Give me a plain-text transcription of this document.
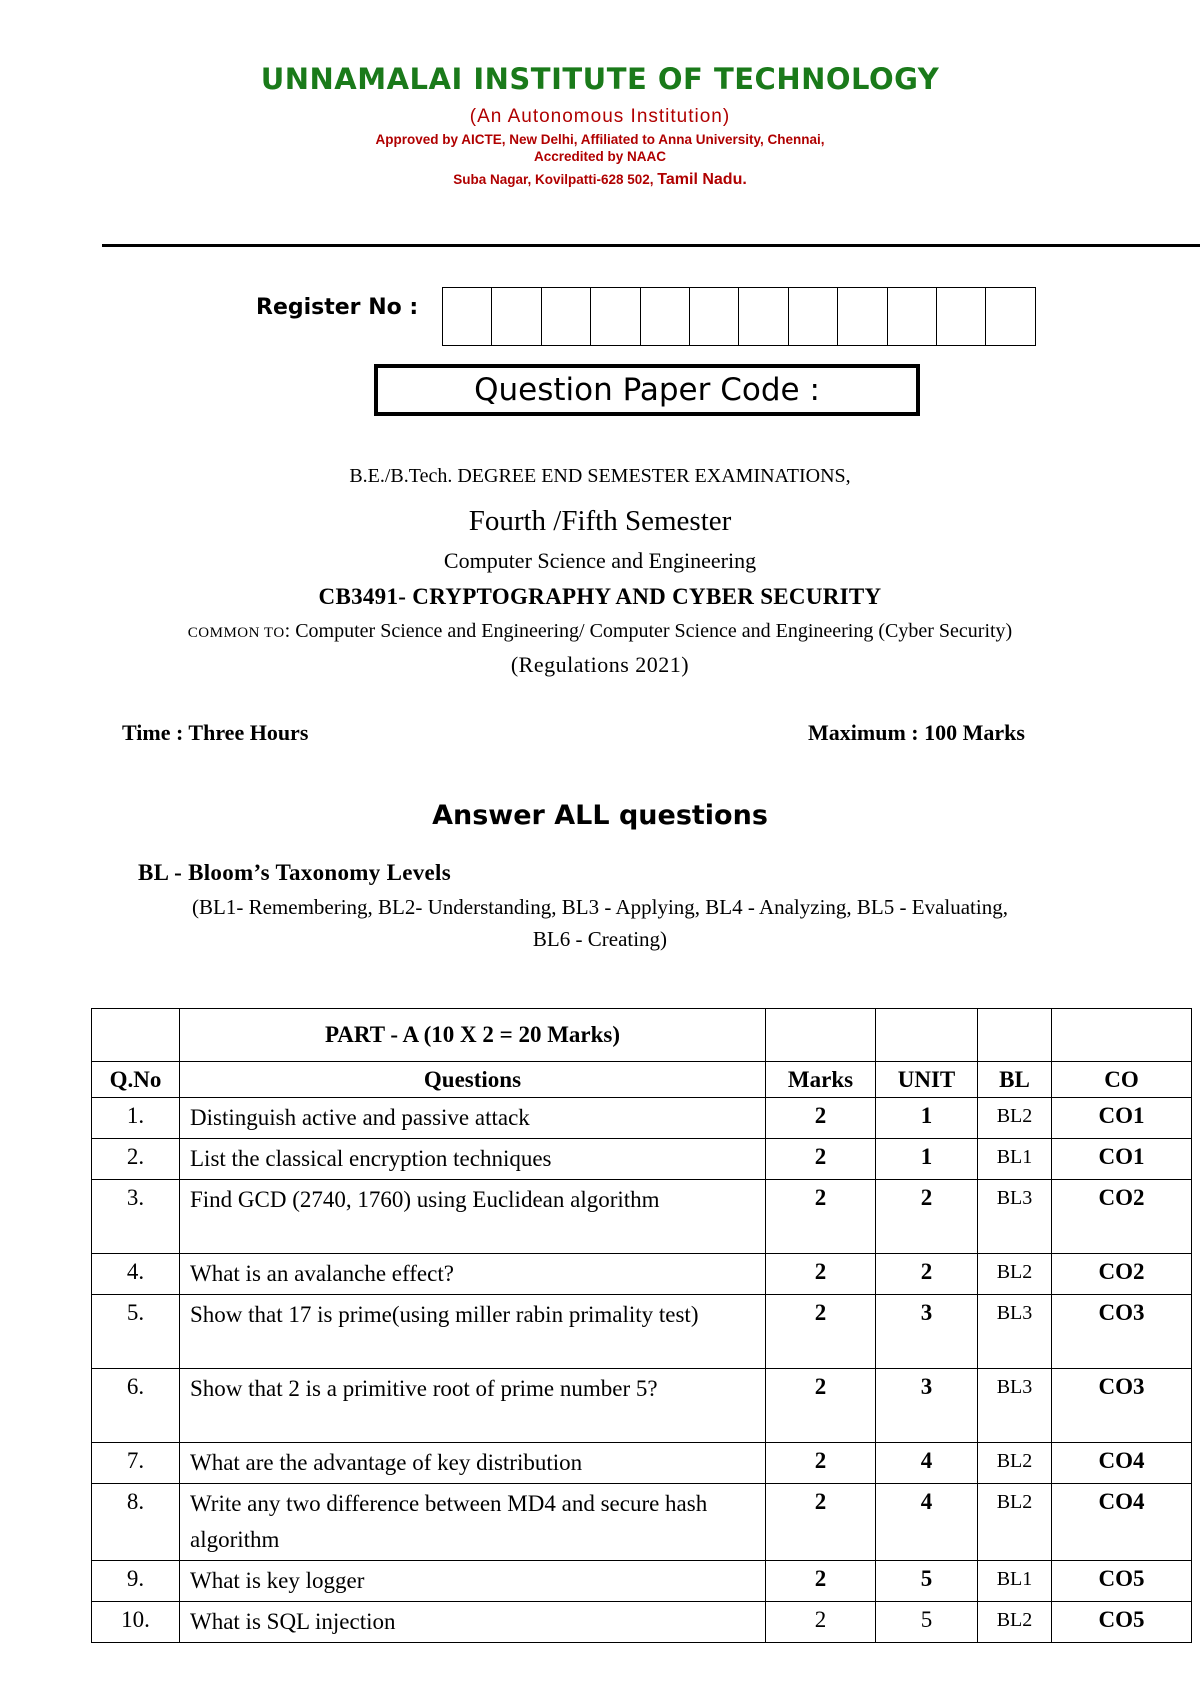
UNNAMALAI INSTITUTE OF TECHNOLOGY
(An Autonomous Institution)
Approved by AICTE, New Delhi, Affiliated to Anna University, Chennai,
Accredited by NAAC
Suba Nagar, Kovilpatti-628 502, Tamil Nadu.
Register No :
Question Paper Code :
B.E./B.Tech. DEGREE END SEMESTER EXAMINATIONS,
Fourth /Fifth Semester
Computer Science and Engineering
CB3491- CRYPTOGRAPHY AND CYBER SECURITY
COMMON TO: Computer Science and Engineering/ Computer Science and Engineering (Cyber Security)
(Regulations 2021)
Time : Three Hours	Maximum : 100 Marks
Answer ALL questions
BL - Bloom’s Taxonomy Levels
(BL1- Remembering, BL2- Understanding, BL3 - Applying, BL4 - Analyzing, BL5 - Evaluating,
BL6 - Creating)
	PART - A (10 X 2 = 20 Marks)				
Q.No	Questions	Marks	UNIT	BL	CO
1.	Distinguish active and passive attack	2	1	BL2	CO1
2.	List the classical encryption techniques	2	1	BL1	CO1
3.	Find GCD (2740, 1760) using Euclidean algorithm	2	2	BL3	CO2
4.	What is an avalanche effect?	2	2	BL2	CO2
5.	Show that 17 is prime(using miller rabin primality test)	2	3	BL3	CO3
6.	Show that 2 is a primitive root of prime number 5?	2	3	BL3	CO3
7.	What are the advantage of key distribution	2	4	BL2	CO4
8.	Write any two difference between MD4 and secure hash algorithm	2	4	BL2	CO4
9.	What is key logger	2	5	BL1	CO5
10.	What is SQL injection	2	5	BL2	CO5
